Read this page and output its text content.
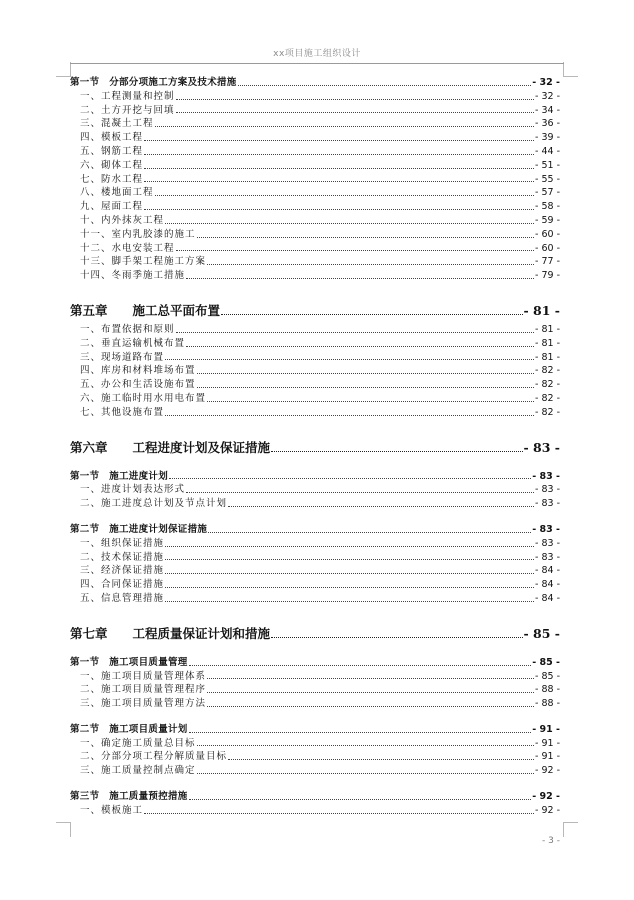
xx项目施工组织设计
第一节　分部分项施工方案及技术措施	- 32 -
一、工程测量和控制	- 32 -
二、土方开挖与回填	- 34 -
三、混凝土工程	- 36 -
四、模板工程	- 39 -
五、钢筋工程	- 44 -
六、砌体工程	- 51 -
七、防水工程	- 55 -
八、楼地面工程	- 57 -
九、屋面工程	- 58 -
十、内外抹灰工程	- 59 -
十一、室内乳胶漆的施工	- 60 -
十二、水电安装工程	- 60 -
十三、脚手架工程施工方案	- 77 -
十四、冬雨季施工措施	- 79 -
第五章　　施工总平面布置	- 81 -
一、布置依据和原则	- 81 -
二、垂直运输机械布置	- 81 -
三、现场道路布置	- 81 -
四、库房和材料堆场布置	- 82 -
五、办公和生活设施布置	- 82 -
六、施工临时用水用电布置	- 82 -
七、其他设施布置	- 82 -
第六章　　工程进度计划及保证措施	- 83 -
第一节　施工进度计划	- 83 -
一、进度计划表达形式	- 83 -
二、施工进度总计划及节点计划	- 83 -
第二节　施工进度计划保证措施	- 83 -
一、组织保证措施	- 83 -
二、技术保证措施	- 83 -
三、经济保证措施	- 84 -
四、合同保证措施	- 84 -
五、信息管理措施	- 84 -
第七章　　工程质量保证计划和措施	- 85 -
第一节　施工项目质量管理	- 85 -
一、施工项目质量管理体系	- 85 -
二、施工项目质量管理程序	- 88 -
三、施工项目质量管理方法	- 88 -
第二节　施工项目质量计划	- 91 -
一、确定施工质量总目标	- 91 -
二、分部分项工程分解质量目标	- 91 -
三、施工质量控制点确定	- 92 -
第三节　施工质量预控措施	- 92 -
一、模板施工	- 92 -
- 3 -
